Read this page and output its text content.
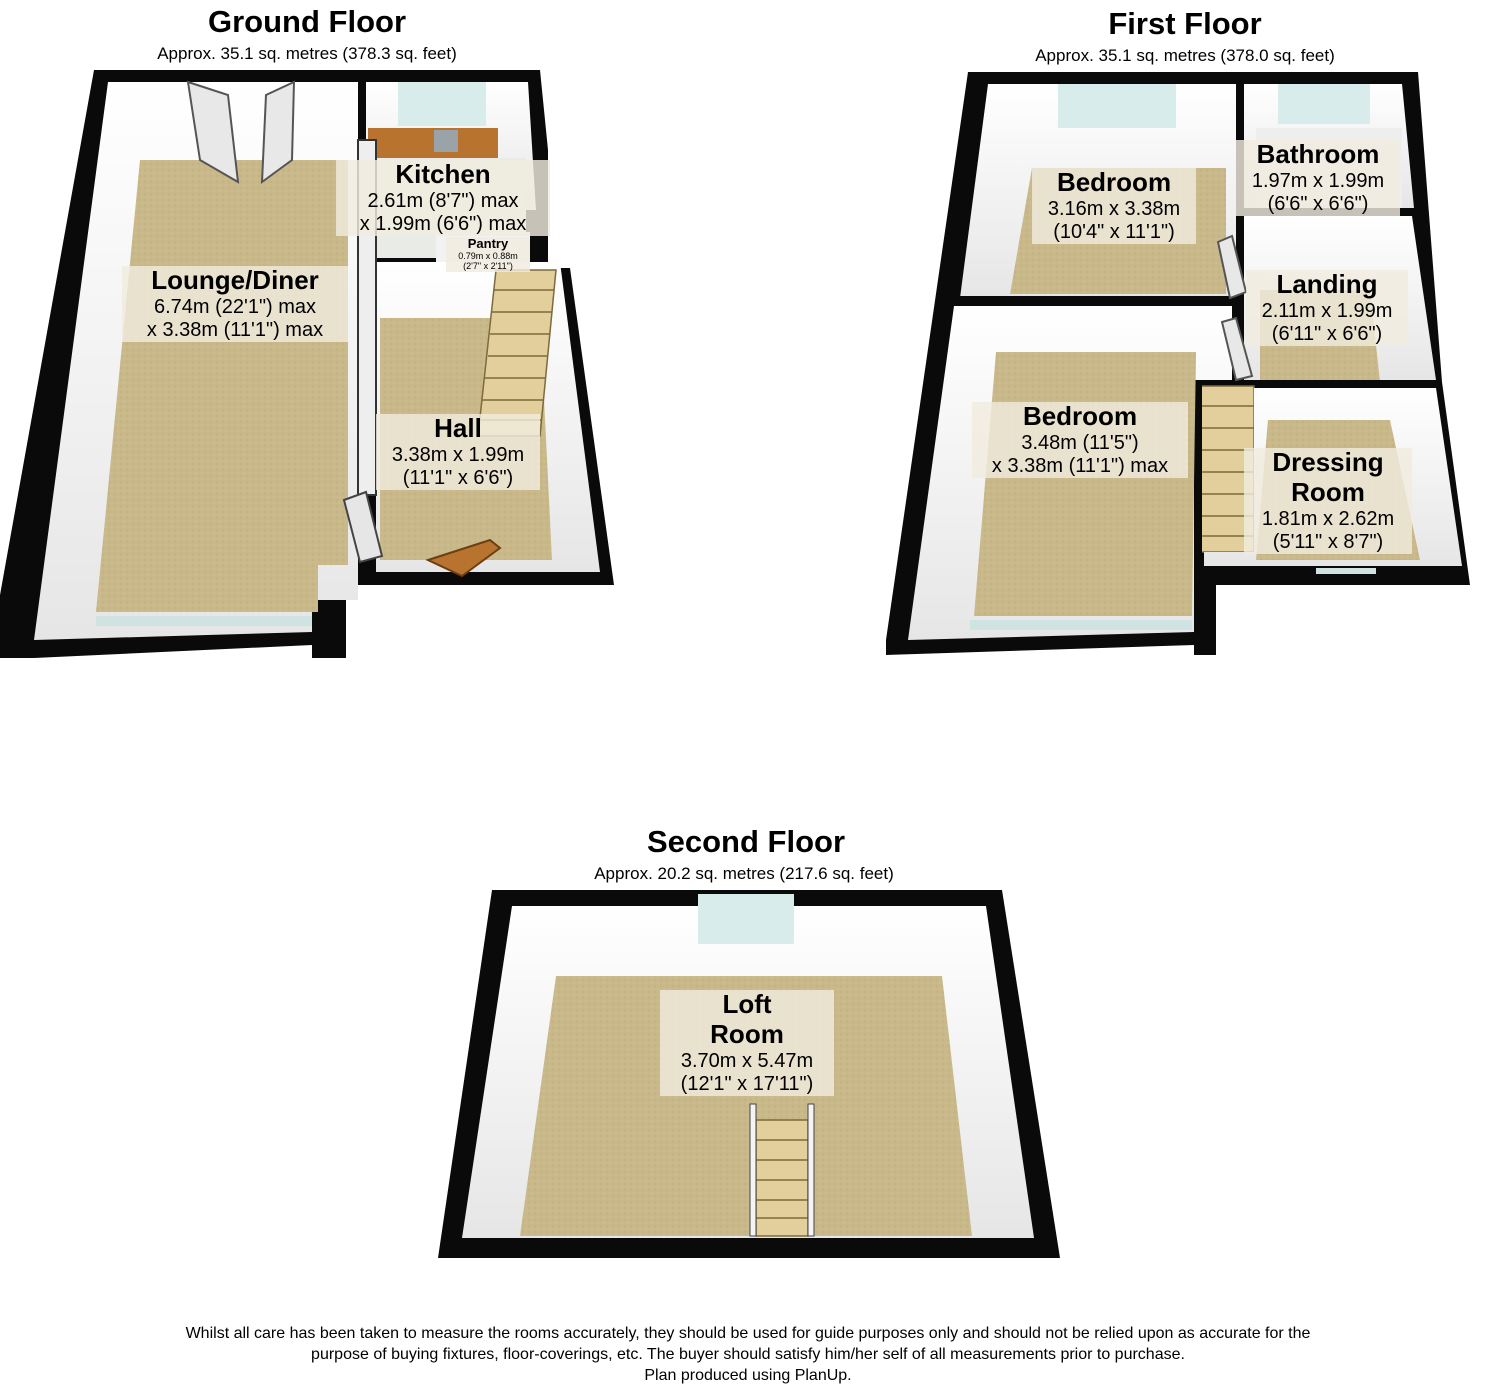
Ground Floor
Approx. 35.1 sq. metres (378.3 sq. feet)
First Floor
Approx. 35.1 sq. metres (378.0 sq. feet)
Second Floor
Approx. 20.2 sq. metres (217.6 sq. feet)
Lounge/Diner
6.74m (22'1") max
x 3.38m (11'1") max
Kitchen
2.61m (8'7") max
x 1.99m (6'6") max
Pantry
0.79m x 0.88m
(2'7" x 2'11")
Hall
3.38m x 1.99m
(11'1" x 6'6")
Bedroom
3.16m x 3.38m
(10'4" x 11'1")
Bathroom
1.97m x 1.99m
(6'6" x 6'6")
Landing
2.11m x 1.99m
(6'11" x 6'6")
Bedroom
3.48m (11'5")
x 3.38m (11'1") max	Dressing
Room
1.81m x 2.62m
(5'11" x 8'7")
Loft
Room
3.70m x 5.47m
(12'1" x 17'11")
Whilst all care has been taken to measure the rooms accurately, they should be used for guide purposes only and should not be relied upon as accurate for the
purpose of buying fixtures, floor-coverings, etc. The buyer should satisfy him/her self of all measurements prior to purchase.
Plan produced using PlanUp.
